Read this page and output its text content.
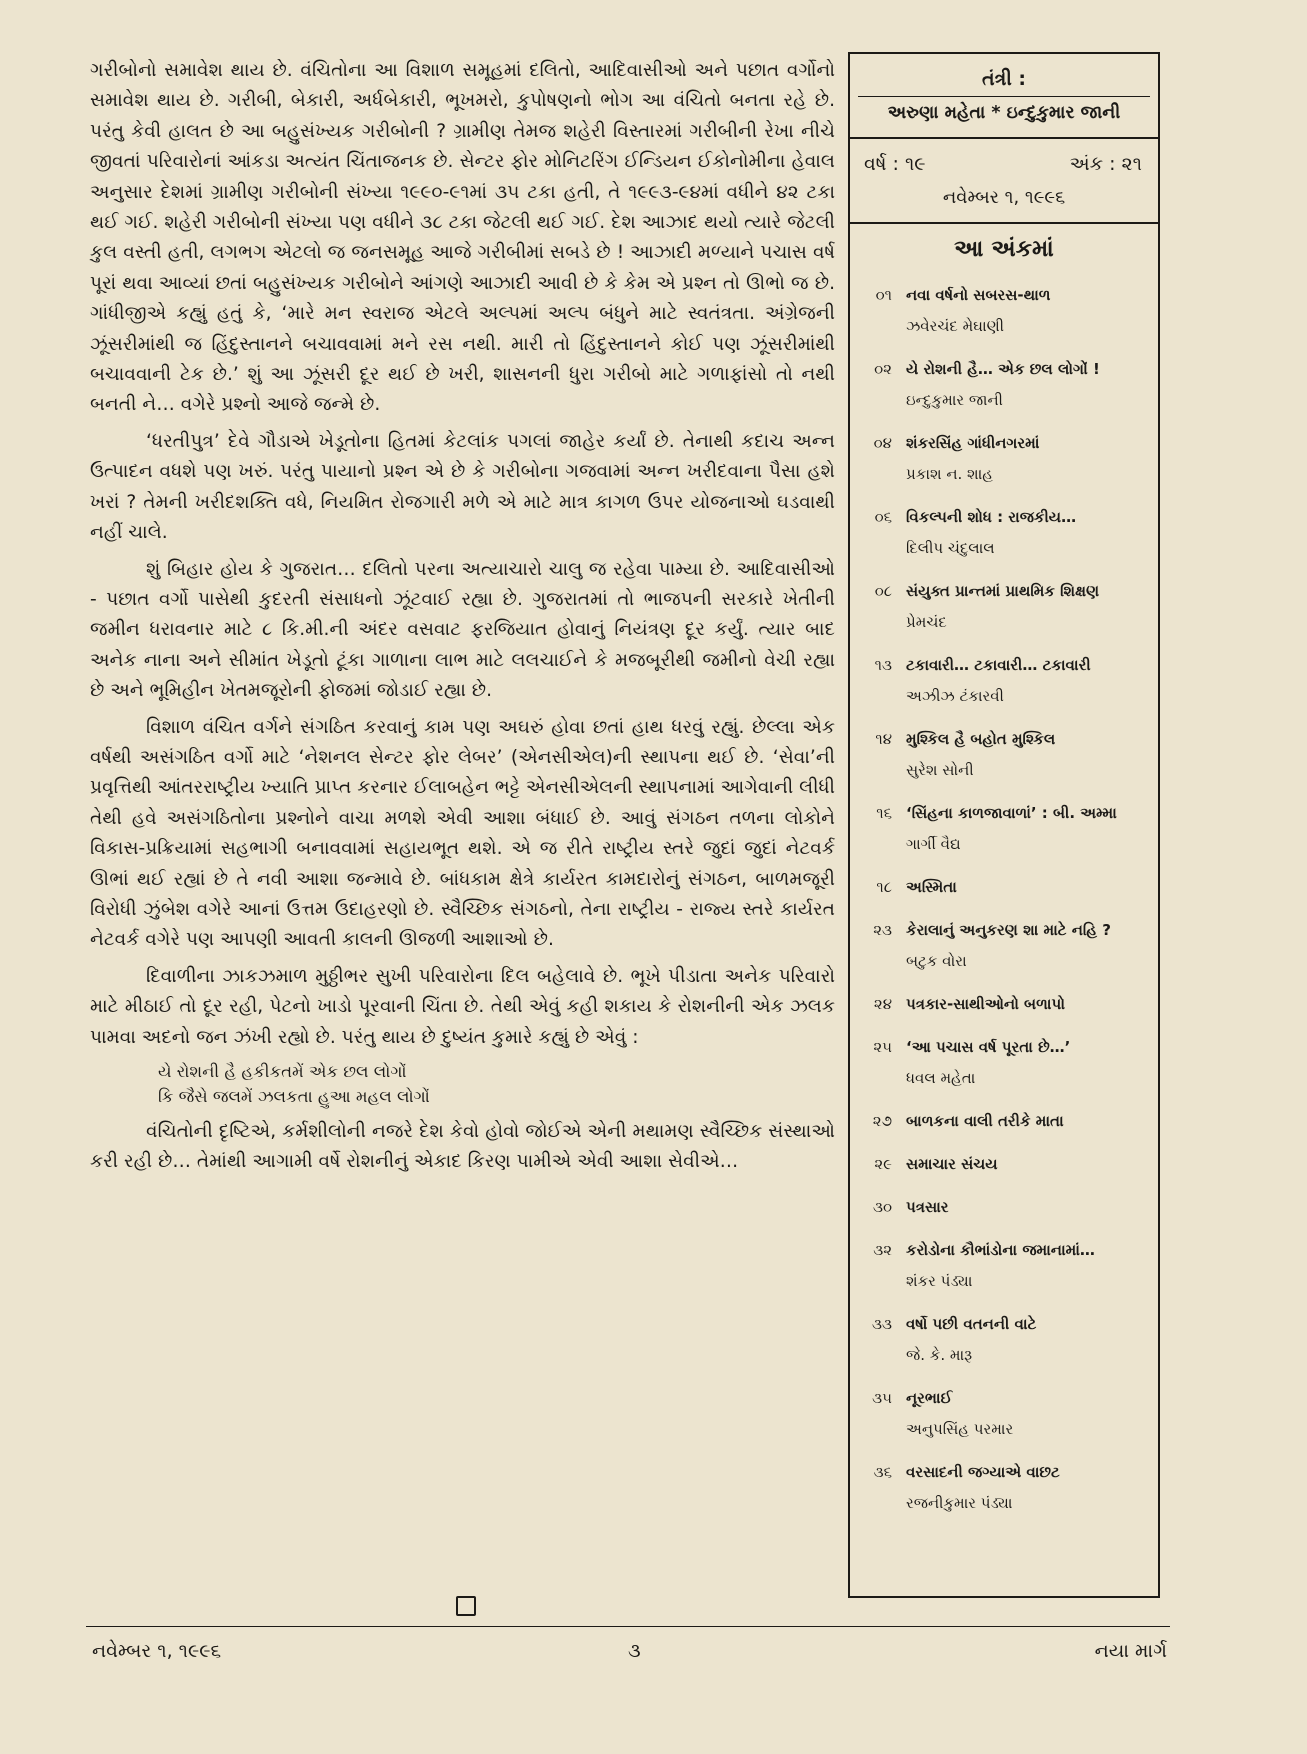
ગરીબોનો સમાવેશ થાય છે. વંચિતોના આ વિશાળ સમૂહમાં દલિતો, આદિવાસીઓ અને પછાત વર્ગોનો સમાવેશ થાય છે. ગરીબી, બેકારી, અર્ધબેકારી, ભૂખમરો, કુપોષણનો ભોગ આ વંચિતો બનતા રહે છે. પરંતુ કેવી હાલત છે આ બહુસંખ્યક ગરીબોની ? ગ્રામીણ તેમજ શહેરી વિસ્તારમાં ગરીબીની રેખા નીચે જીવતાં પરિવારોનાં આંકડા અત્યંત ચિંતાજનક છે. સેન્ટર ફોર મોનિટરિંગ ઈન્ડિયન ઈકોનોમીના હેવાલ અનુસાર દેશમાં ગ્રામીણ ગરીબોની સંખ્યા ૧૯૯૦-૯૧માં ૩૫ ટકા હતી, તે ૧૯૯૩-૯૪માં વધીને ૪૨ ટકા થઈ ગઈ. શહેરી ગરીબોની સંખ્યા પણ વધીને ૩૮ ટકા જેટલી થઈ ગઈ. દેશ આઝાદ થયો ત્યારે જેટલી કુલ વસ્તી હતી, લગભગ એટલો જ જનસમૂહ આજે ગરીબીમાં સબડે છે ! આઝાદી મળ્યાને પચાસ વર્ષ પૂરાં થવા આવ્યાં છતાં બહુસંખ્યક ગરીબોને આંગણે આઝાદી આવી છે કે કેમ એ પ્રશ્ન તો ઊભો જ છે. ગાંધીજીએ કહ્યું હતું કે, ‘મારે મન સ્વરાજ એટલે અલ્પમાં અલ્પ બંધુને માટે સ્વતંત્રતા. અંગ્રેજની ઝૂંસરીમાંથી જ હિંદુસ્તાનને બચાવવામાં મને રસ નથી. મારી તો હિંદુસ્તાનને કોઈ પણ ઝૂંસરીમાંથી બચાવવાની ટેક છે.’ શું આ ઝૂંસરી દૂર થઈ છે ખરી, શાસનની ધુરા ગરીબો માટે ગળાફાંસો તો નથી બનતી ને… વગેરે પ્રશ્નો આજે જન્મે છે.

‘ધરતીપુત્ર’ દેવે ગૌડાએ ખેડૂતોના હિતમાં કેટલાંક પગલાં જાહેર કર્યાં છે. તેનાથી કદાચ અન્ન ઉત્પાદન વધશે પણ ખરું. પરંતુ પાયાનો પ્રશ્ન એ છે કે ગરીબોના ગજવામાં અન્ન ખરીદવાના પૈસા હશે ખરાં ? તેમની ખરીદશક્તિ વધે, નિયમિત રોજગારી મળે એ માટે માત્ર કાગળ ઉપર યોજનાઓ ઘડવાથી નહીં ચાલે.

શું બિહાર હોય કે ગુજરાત… દલિતો પરના અત્યાચારો ચાલુ જ રહેવા પામ્યા છે. આદિવાસીઓ - પછાત વર્ગો પાસેથી કુદરતી સંસાધનો ઝૂંટવાઈ રહ્યા છે. ગુજરાતમાં તો ભાજપની સરકારે ખેતીની જમીન ધરાવનાર માટે ૮ કિ.મી.ની અંદર વસવાટ ફરજિયાત હોવાનું નિયંત્રણ દૂર કર્યું. ત્યાર બાદ અનેક નાના અને સીમાંત ખેડૂતો ટૂંકા ગાળાના લાભ માટે લલચાઈને કે મજબૂરીથી જમીનો વેચી રહ્યા છે અને ભૂમિહીન ખેતમજૂરોની ફોજમાં જોડાઈ રહ્યા છે.

વિશાળ વંચિત વર્ગને સંગઠિત કરવાનું કામ પણ અઘરું હોવા છતાં હાથ ધરવું રહ્યું. છેલ્લા એક વર્ષથી અસંગઠિત વર્ગો માટે ‘નેશનલ સેન્ટર ફોર લેબર’ (એનસીએલ)ની સ્થાપના થઈ છે. ‘સેવા’ની પ્રવૃત્તિથી આંતરરાષ્ટ્રીય ખ્યાતિ પ્રાપ્ત કરનાર ઈલાબહેન ભટ્ટે એનસીએલની સ્થાપનામાં આગેવાની લીધી તેથી હવે અસંગઠિતોના પ્રશ્નોને વાચા મળશે એવી આશા બંધાઈ છે. આવું સંગઠન તળના લોકોને વિકાસ-પ્રક્રિયામાં સહભાગી બનાવવામાં સહાયભૂત થશે. એ જ રીતે રાષ્ટ્રીય સ્તરે જુદાં જુદાં નેટવર્ક ઊભાં થઈ રહ્યાં છે તે નવી આશા જન્માવે છે. બાંધકામ ક્ષેત્રે કાર્યરત કામદારોનું સંગઠન, બાળમજૂરી વિરોધી ઝુંબેશ વગેરે આનાં ઉત્તમ ઉદાહરણો છે. સ્વૈચ્છિક સંગઠનો, તેના રાષ્ટ્રીય - રાજ્ય સ્તરે કાર્યરત નેટવર્ક વગેરે પણ આપણી આવતી કાલની ઊજળી આશાઓ છે.

દિવાળીના ઝાકઝમાળ મુઠ્ઠીભર સુખી પરિવારોના દિલ બહેલાવે છે. ભૂખે પીડાતા અનેક પરિવારો માટે મીઠાઈ તો દૂર રહી, પેટનો ખાડો પૂરવાની ચિંતા છે. તેથી એવું કહી શકાય કે રોશનીની એક ઝલક પામવા અદનો જન ઝંખી રહ્યો છે. પરંતુ થાય છે દુષ્યંત કુમારે કહ્યું છે એવું :

યે રોશની હૈ હકીકતમેં એક છલ લોગોં

કિ જૈસે જલમેં ઝલકતા હુઆ મહલ લોગોં

વંચિતોની દૃષ્ટિએ, કર્મશીલોની નજરે દેશ કેવો હોવો જોઈએ એની મથામણ સ્વૈચ્છિક સંસ્થાઓ કરી રહી છે… તેમાંથી આગામી વર્ષે રોશનીનું એકાદ કિરણ પામીએ એવી આશા સેવીએ…

તંત્રી :
અરુણા મહેતા * ઇન્દુકુમાર જાની
વર્ષ : ૧૯	અંક : ૨૧
નવેમ્બર ૧, ૧૯૯૬
આ અંકમાં
૦૧ નવા વર્ષનો સબરસ-થાળ
ઝવેરચંદ મેઘાણી
૦૨ યે રોશની હૈ… એક છલ લોગોં !
ઇન્દુકુમાર જાની
૦૪ શંકરસિંહ ગાંધીનગરમાં
પ્રકાશ ન. શાહ
૦૬ વિકલ્પની શોધ : રાજકીય…
દિલીપ ચંદુલાલ
૦૮ સંયુક્ત પ્રાન્તમાં પ્રાથમિક શિક્ષણ
પ્રેમચંદ
૧૩ ટકાવારી… ટકાવારી… ટકાવારી
અઝીઝ ટંકારવી
૧૪ મુશ્કિલ હૈ બહોત મુશ્કિલ
સુરેશ સોની
૧૬ ‘સિંહના કાળજાવાળાં’ : બી. અમ્મા
ગાર્ગી વૈદ્ય
૧૮ અસ્મિતા
૨૩ કેરાલાનું અનુકરણ શા માટે નહિ ?
બટુક વોરા
૨૪ પત્રકાર-સાથીઓનો બળાપો
૨૫ ‘આ પચાસ વર્ષ પૂરતા છે…’
ધવલ મહેતા
૨૭ બાળકના વાલી તરીકે માતા
૨૯ સમાચાર સંચય
૩૦ પત્રસાર
૩૨ કરોડોના કૌભાંડોના જમાનામાં…
શંકર પંડ્યા
૩૩ વર્ષો પછી વતનની વાટે
જે. કે. મારૂ
૩૫ નૂરભાઈ
અનુપસિંહ પરમાર
૩૬ વરસાદની જગ્યાએ વાછટ
રજનીકુમાર પંડ્યા
નવેમ્બર ૧, ૧૯૯૬	૩	નયા માર્ગ
